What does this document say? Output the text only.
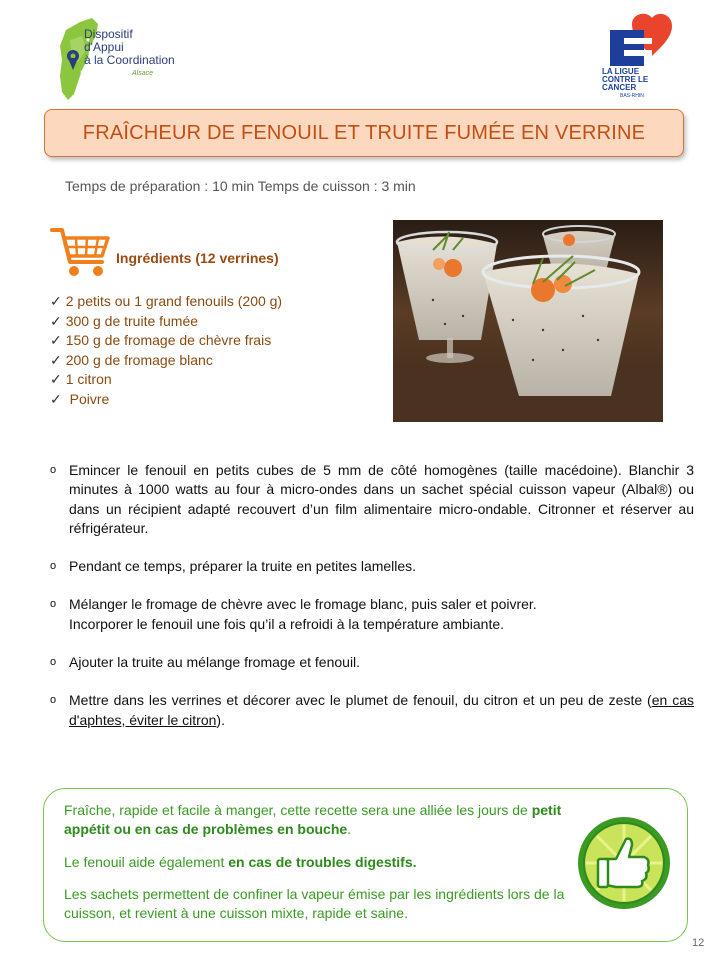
Dispositif
d'Appui
à la Coordination
Alsace	LA LIGUE CONTRE LE CANCER
BAS-RHIN
FRAÎCHEUR DE FENOUIL ET TRUITE FUMÉE EN VERRINE
Temps de préparation : 10 min Temps de cuisson : 3 min
Ingrédients (12 verrines)
✓ 2 petits ou 1 grand fenouils (200 g)
✓ 300 g de truite fumée
✓ 150 g de fromage de chèvre frais
✓ 200 g de fromage blanc
✓ 1 citron
✓ Poivre
o Emincer le fenouil en petits cubes de 5 mm de côté homogènes (taille macédoine). Blanchir 3 minutes à 1000 watts au four à micro-ondes dans un sachet spécial cuisson vapeur (Albal®) ou dans un récipient adapté recouvert d’un film alimentaire micro-ondable. Citronner et réserver au réfrigérateur.
o Pendant ce temps, préparer la truite en petites lamelles.
o Mélanger le fromage de chèvre avec le fromage blanc, puis saler et poivrer.
Incorporer le fenouil une fois qu’il a refroidi à la température ambiante.
o Ajouter la truite au mélange fromage et fenouil.
o Mettre dans les verrines et décorer avec le plumet de fenouil, du citron et un peu de zeste (en cas d'aphtes, éviter le citron).
Fraîche, rapide et facile à manger, cette recette sera une alliée les jours de petit appétit ou en cas de problèmes en bouche.
Le fenouil aide également en cas de troubles digestifs.
Les sachets permettent de confiner la vapeur émise par les ingrédients lors de la cuisson, et revient à une cuisson mixte, rapide et saine.
12
